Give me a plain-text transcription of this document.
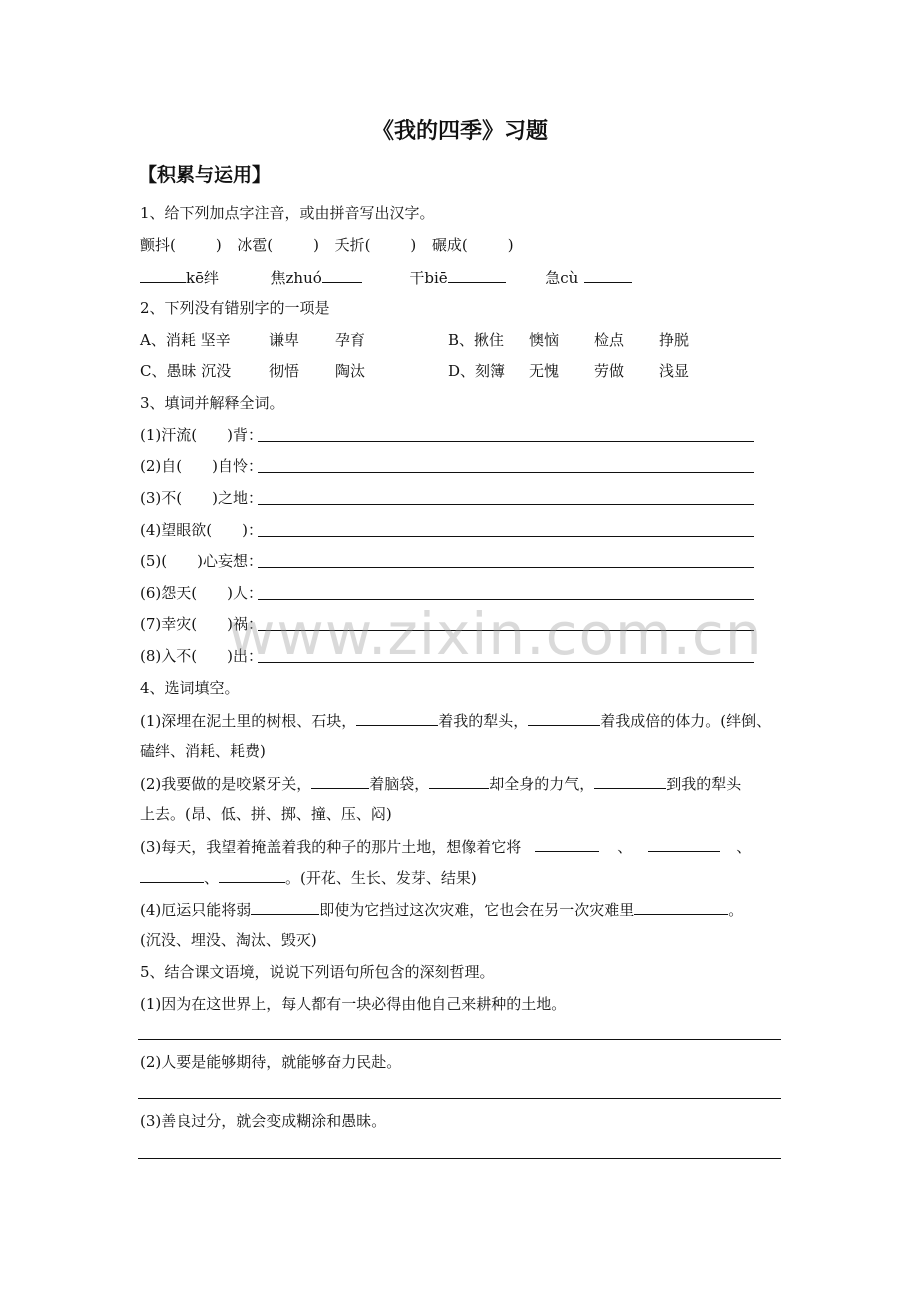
《我的四季》习题
【积累与运用】
1、给下列加点字注音，或由拼音写出汉字。
颤抖(	) 冰雹(	) 夭折(	) 碾成(	)
kē绊	焦zhuó	干biē	急cù
2、下列没有错别字的一项是
A、消耗 坚辛	谦卑 孕育	B、揪住 懊恼 检点 挣脱
C、愚昧 沉没	彻悟 陶汰	D、刻簿 无愧 劳做 浅显
3、填词并解释全词。
(1)汗流(　　)背：
(2)自(　　)自怜：
(3)不(　　)之地：
(4)望眼欲(　　)：
(5)(　　)心妄想：
(6)怨天(　　)人：
(7)幸灾(　　)祸：
(8)入不(　　)出：
4、选词填空。
(1)深埋在泥土里的树根、石块，	着我的犁头，	着我成倍的体力。(绊倒、
磕绊、消耗、耗费)
(2)我要做的是咬紧牙关，	着脑袋，	却全身的力气，	到我的犁头
上去。(昂、低、拼、掷、撞、压、闷)
(3)每天，我望着掩盖着我的种子的那片土地，想像着它将	、	、
、	。(开花、生长、发芽、结果)
(4)厄运只能将弱	即使为它挡过这次灾难，它也会在另一次灾难里	。
(沉没、埋没、淘汰、毁灭)
5、结合课文语境，说说下列语句所包含的深刻哲理。
(1)因为在这世界上，每人都有一块必得由他自己来耕种的土地。
(2)人要是能够期待，就能够奋力民赴。
(3)善良过分，就会变成糊涂和愚昧。
www.zixin.com.cn
